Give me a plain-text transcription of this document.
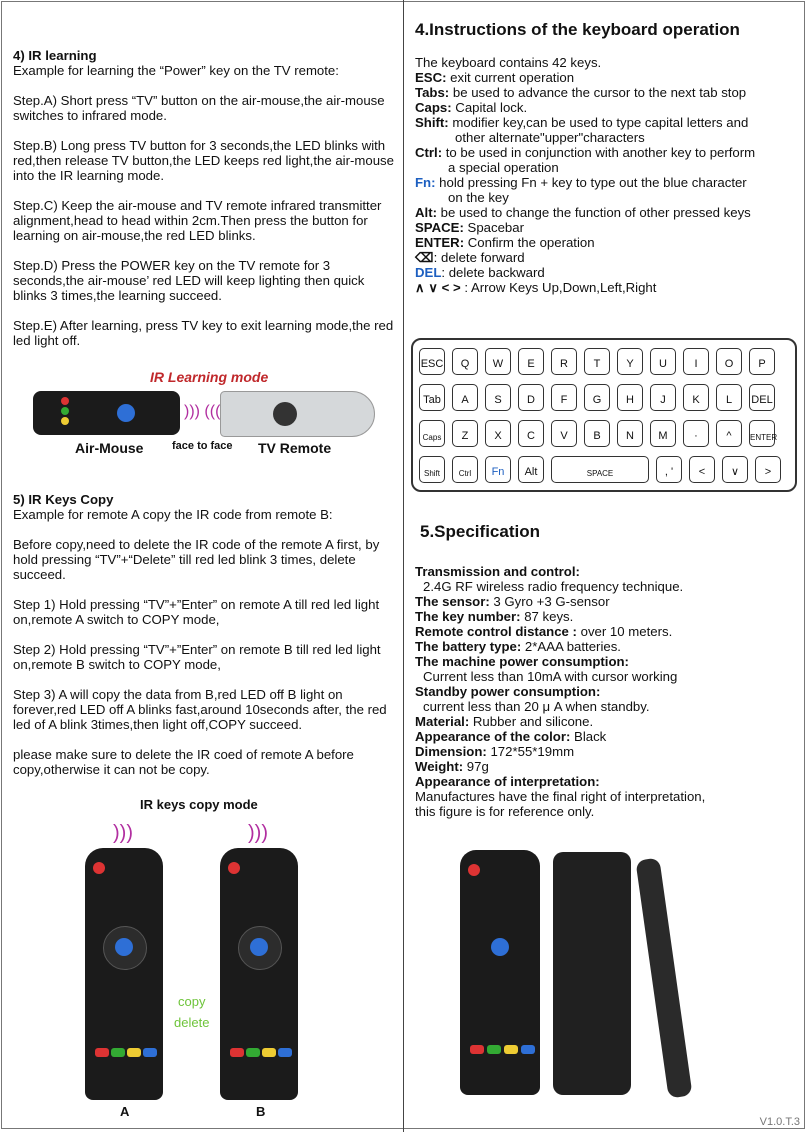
4) IR learning

Example for learning the “Power” key on the TV remote:

Step.A) Short press “TV” button on the air-mouse,the air-mouse switches to infrared mode.

Step.B) Long press TV button for 3 seconds,the LED blinks with red,then release TV button,the LED keeps red light,the air-mouse into the IR learning mode.

Step.C) Keep the air-mouse and TV remote infrared transmitter alignment,head to head within 2cm.Then press the button for learning on air-mouse,the red LED blinks.

Step.D) Press the POWER key on the TV remote for 3 seconds,the air-mouse’ red LED will keep lighting then quick blinks 3 times,the learning succeed.

Step.E) After learning, press TV key to exit learning mode,the red led light off.

IR Learning mode
))) (((
Air-Mouse	face to face TV Remote
5) IR Keys Copy

Example for remote A copy the IR code from remote B:

Before copy,need to delete the IR code of the remote A first, by hold pressing “TV”+“Delete” till red led blink 3 times, delete succeed.

Step 1) Hold pressing “TV”+”Enter” on remote A till red led light on,remote A switch to COPY mode,

Step 2) Hold pressing “TV”+”Enter” on remote B till red led light on,remote B switch to COPY mode,

Step 3) A will copy the data from B,red LED off B light on forever,red LED off A blinks fast,around 10seconds after, the red led of A blink 3times,then light off,COPY succeed.

please make sure to delete the IR coed of remote A before copy,otherwise it can not be copy.

IR keys copy mode
)))	)))
copy
delete
A	B
4.Instructions of the keyboard operation
The keyboard contains 42 keys.
ESC: exit current operation
Tabs: be used to advance the cursor to the next tab stop
Caps: Capital lock.
Shift: modifier key,can be used to type capital letters and
other alternate"upper"characters
Ctrl: to be used in conjunction with another key to perform
a special operation
Fn: hold pressing Fn + key to type out the blue character
on the key
Alt: be used to change the function of other pressed keys
SPACE: Spacebar
ENTER: Confirm the operation
⌫: delete forward
DEL: delete backward
∧ ∨ < > : Arrow Keys Up,Down,Left,Right
ESC	Q	W	E	R	T	Y	U	I	O	P
Tab	A	S	D	F	G	H	J	K	L	DEL
Caps	Z	X	C	V	B	N	M	·	^	ENTER
Shift	Ctrl	Fn	Alt	SPACE	, '	<	∨	>
5.Specification
Transmission and control:
2.4G RF wireless radio frequency technique.
The sensor: 3 Gyro +3 G-sensor
The key number: 87 keys.
Remote control distance : over 10 meters.
The battery type: 2*AAA batteries.
The machine power consumption:
Current less than 10mA with cursor working
Standby power consumption:
current less than 20 μ A when standby.
Material: Rubber and silicone.
Appearance of the color: Black
Dimension: 172*55*19mm
Weight: 97g
Appearance of interpretation:
Manufactures have the final right of interpretation,
this figure is for reference only.
V1.0.T.3
